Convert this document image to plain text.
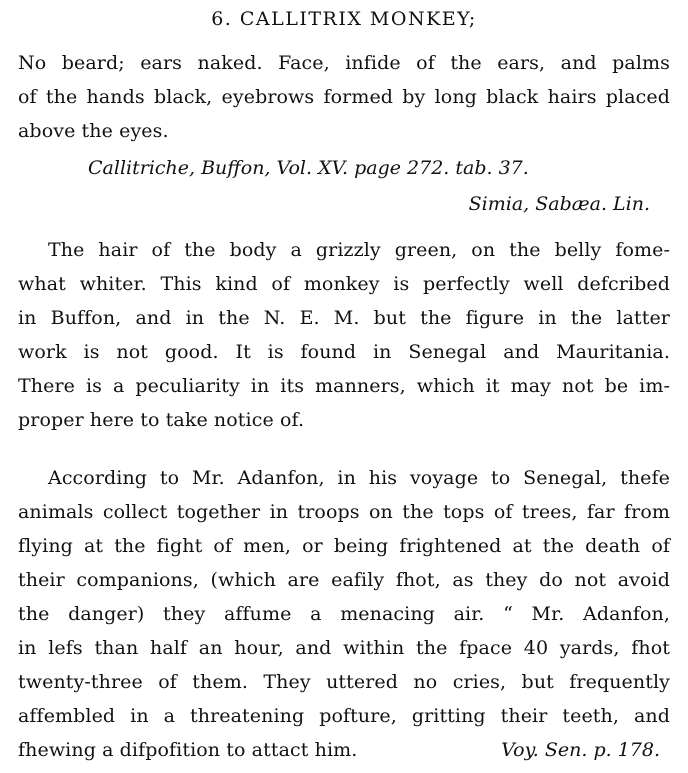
6. CALLITRIX MONKEY;
No beard; ears naked. Face, infide of the ears, and palms
of the hands black, eyebrows formed by long black hairs placed
above the eyes.
Callitriche, Buffon, Vol. XV. page 272. tab. 37.
Simia, Sabæa. Lin.
The hair of the body a grizzly green, on the belly fome-
what whiter. This kind of monkey is perfectly well defcribed
in Buffon, and in the N. E. M. but the figure in the latter
work is not good. It is found in Senegal and Mauritania.
There is a peculiarity in its manners, which it may not be im-
proper here to take notice of.
According to Mr. Adanfon, in his voyage to Senegal, thefe
animals collect together in troops on the tops of trees, far from
flying at the fight of men, or being frightened at the death of
their companions, (which are eafily fhot, as they do not avoid
the danger) they affume a menacing air. “ Mr. Adanfon,
in lefs than half an hour, and within the fpace 40 yards, fhot
twenty-three of them. They uttered no cries, but frequently
affembled in a threatening pofture, gritting their teeth, and
fhewing a difpofition to attact him.	Voy. Sen. p. 178.
